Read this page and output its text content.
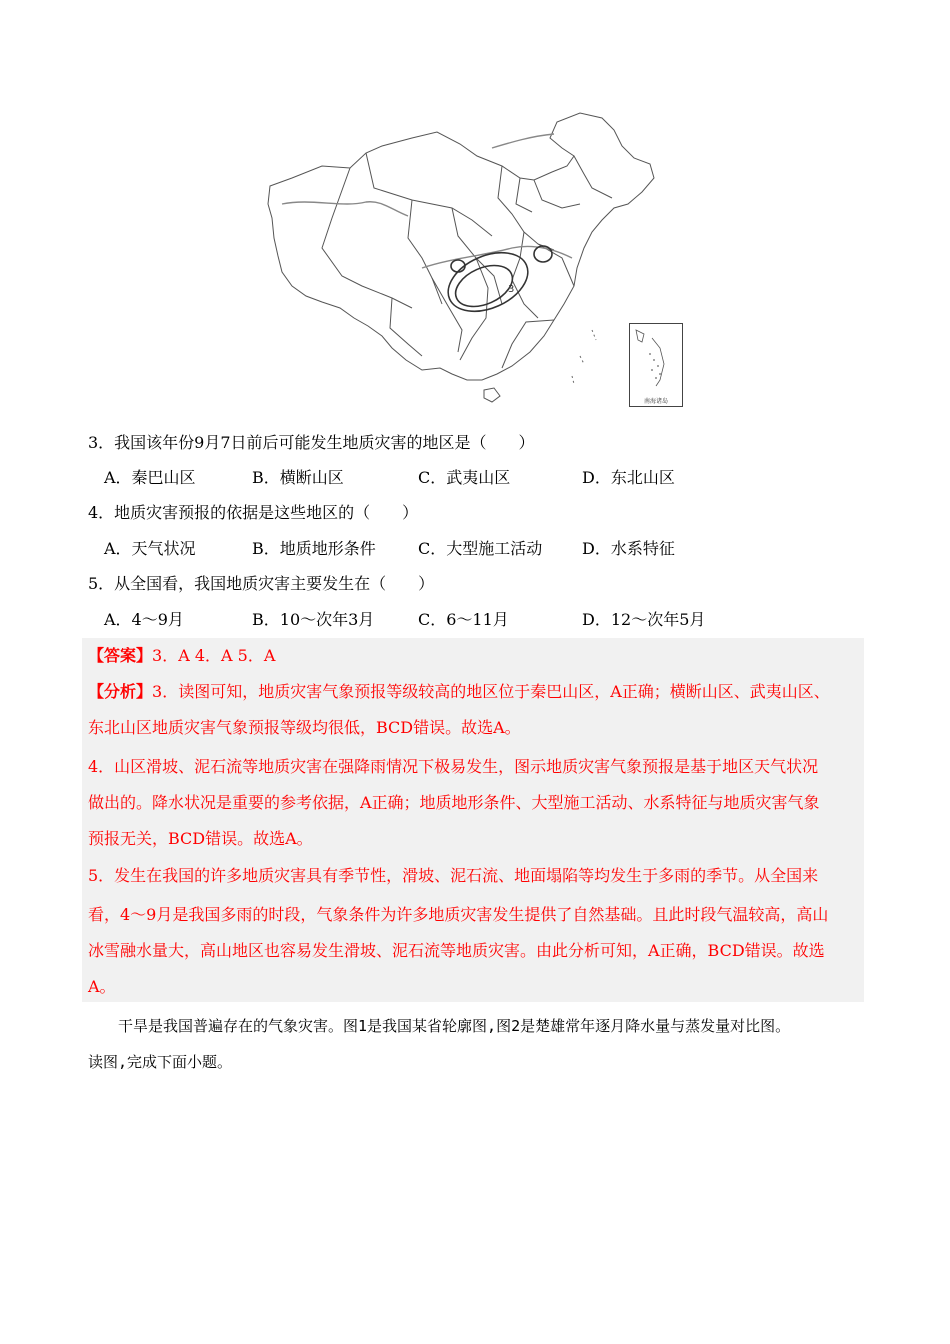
3
南海诸岛
3．我国该年份9月7日前后可能发生地质灾害的地区是（　　）
A．秦巴山区	B．横断山区	C．武夷山区	D．东北山区
4．地质灾害预报的依据是这些地区的（　　）
A．天气状况	B．地质地形条件	C．大型施工活动 D．水系特征
5．从全国看，我国地质灾害主要发生在（　　）
A．4～9月	B．10～次年3月	C．6～11月	D．12～次年5月
【答案】3．A 4．A 5．A
【分析】3．读图可知，地质灾害气象预报等级较高的地区位于秦巴山区，A正确；横断山区、武夷山区、
东北山区地质灾害气象预报等级均很低，BCD错误。故选A。
4．山区滑坡、泥石流等地质灾害在强降雨情况下极易发生，图示地质灾害气象预报是基于地区天气状况
做出的。降水状况是重要的参考依据，A正确；地质地形条件、大型施工活动、水系特征与地质灾害气象
预报无关，BCD错误。故选A。
5．发生在我国的许多地质灾害具有季节性，滑坡、泥石流、地面塌陷等均发生于多雨的季节。从全国来
看，4～9月是我国多雨的时段，气象条件为许多地质灾害发生提供了自然基础。且此时段气温较高，高山
冰雪融水量大，高山地区也容易发生滑坡、泥石流等地质灾害。由此分析可知，A正确，BCD错误。故选
A。
　　干旱是我国普遍存在的气象灾害。图1是我国某省轮廓图,图2是楚雄常年逐月降水量与蒸发量对比图。
读图,完成下面小题。
